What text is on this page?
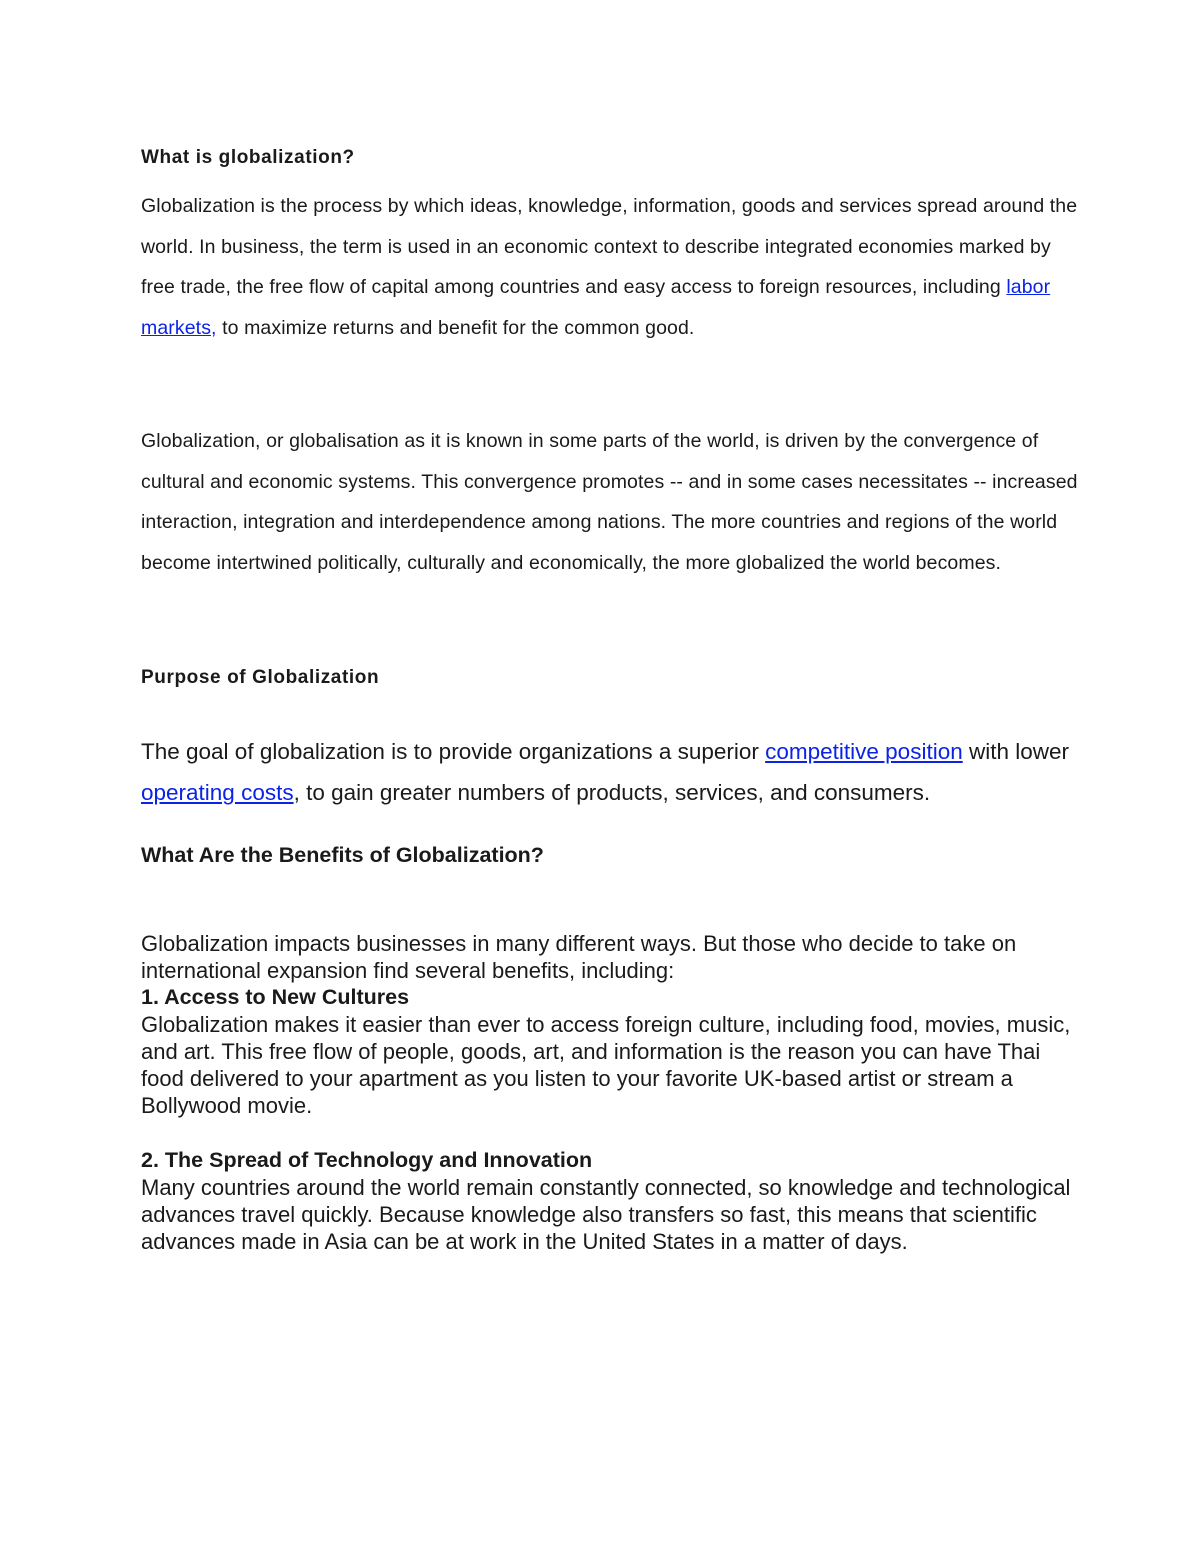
What is globalization?

Globalization is the process by which ideas, knowledge, information, goods and services spread around the world. In business, the term is used in an economic context to describe integrated economies marked by free trade, the free flow of capital among countries and easy access to foreign resources, including labor markets, to maximize returns and benefit for the common good.

Globalization, or globalisation as it is known in some parts of the world, is driven by the convergence of cultural and economic systems. This convergence promotes -- and in some cases necessitates -- increased interaction, integration and interdependence among nations. The more countries and regions of the world become intertwined politically, culturally and economically, the more globalized the world becomes.

Purpose of Globalization

The goal of globalization is to provide organizations a superior competitive position with lower operating costs, to gain greater numbers of products, services, and consumers.

What Are the Benefits of Globalization?

Globalization impacts businesses in many different ways. But those who decide to take on international expansion find several benefits, including:

1. Access to New Cultures

Globalization makes it easier than ever to access foreign culture, including food, movies, music, and art. This free flow of people, goods, art, and information is the reason you can have Thai food delivered to your apartment as you listen to your favorite UK-based artist or stream a Bollywood movie.

2. The Spread of Technology and Innovation

Many countries around the world remain constantly connected, so knowledge and technological advances travel quickly. Because knowledge also transfers so fast, this means that scientific advances made in Asia can be at work in the United States in a matter of days.
